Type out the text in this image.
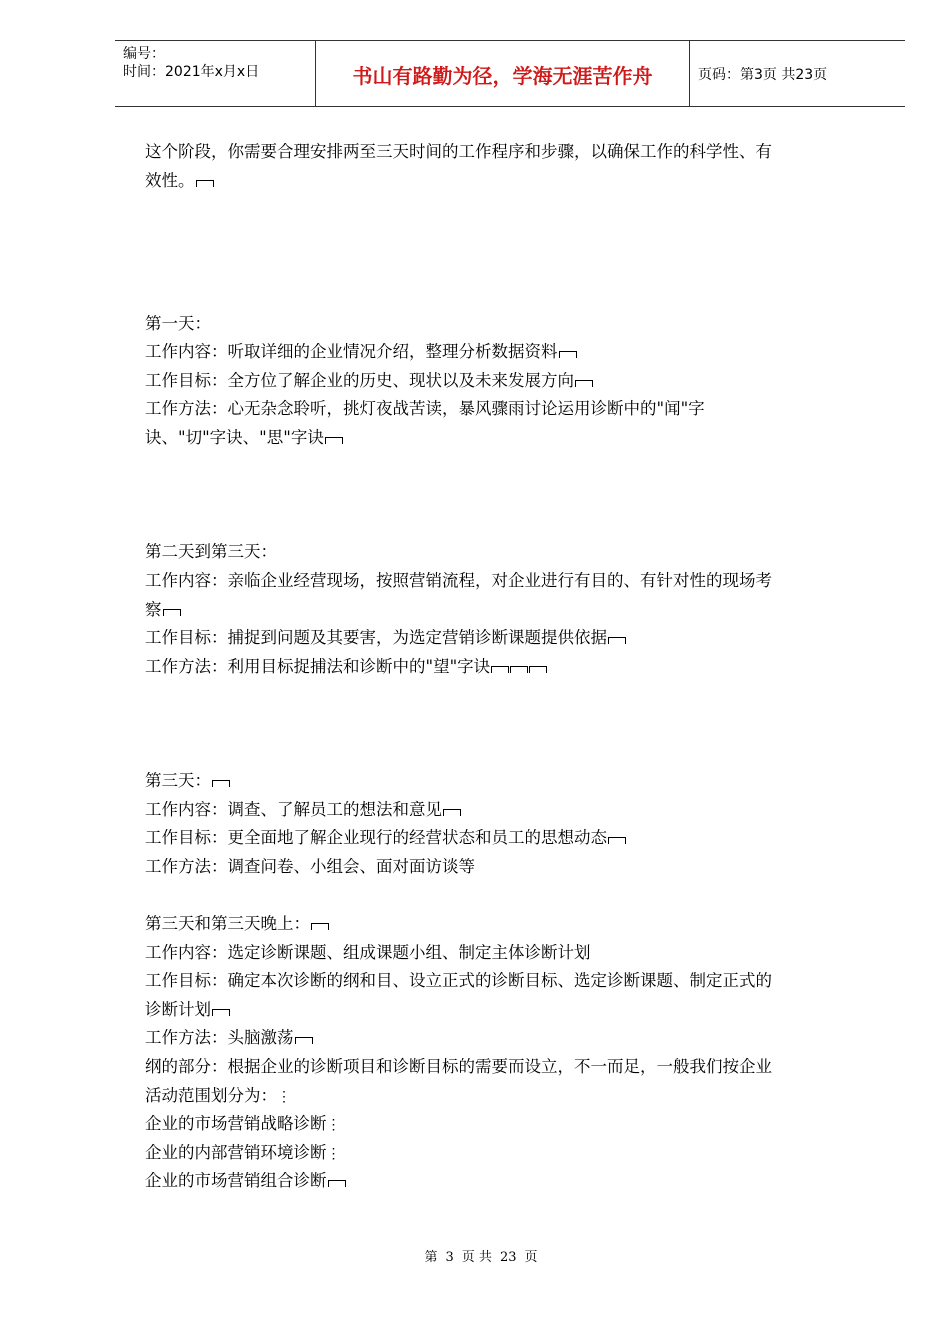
编号：
时间：2021年x月x日	书山有路勤为径，学海无涯苦作舟	页码：第3页 共23页
这个阶段，你需要合理安排两至三天时间的工作程序和步骤，以确保工作的科学性、有
效性。
第一天：
工作内容：听取详细的企业情况介绍，整理分析数据资料
工作目标：全方位了解企业的历史、现状以及未来发展方向
工作方法：心无杂念聆听，挑灯夜战苦读，暴风骤雨讨论运用诊断中的"闻"字
诀、"切"字诀、"思"字诀
第二天到第三天：
工作内容：亲临企业经营现场，按照营销流程，对企业进行有目的、有针对性的现场考
察
工作目标：捕捉到问题及其要害，为选定营销诊断课题提供依据
工作方法：利用目标捉捕法和诊断中的"望"字诀
第三天：
工作内容：调查、了解员工的想法和意见
工作目标：更全面地了解企业现行的经营状态和员工的思想动态
工作方法：调查问卷、小组会、面对面访谈等
第三天和第三天晚上：
工作内容：选定诊断课题、组成课题小组、制定主体诊断计划
工作目标：确定本次诊断的纲和目、设立正式的诊断目标、选定诊断课题、制定正式的
诊断计划
工作方法：头脑激荡
纲的部分：根据企业的诊断项目和诊断目标的需要而设立，不一而足，一般我们按企业
活动范围划分为：⋮
企业的市场营销战略诊断⋮
企业的内部营销环境诊断⋮
企业的市场营销组合诊断
第 3 页 共 23 页
